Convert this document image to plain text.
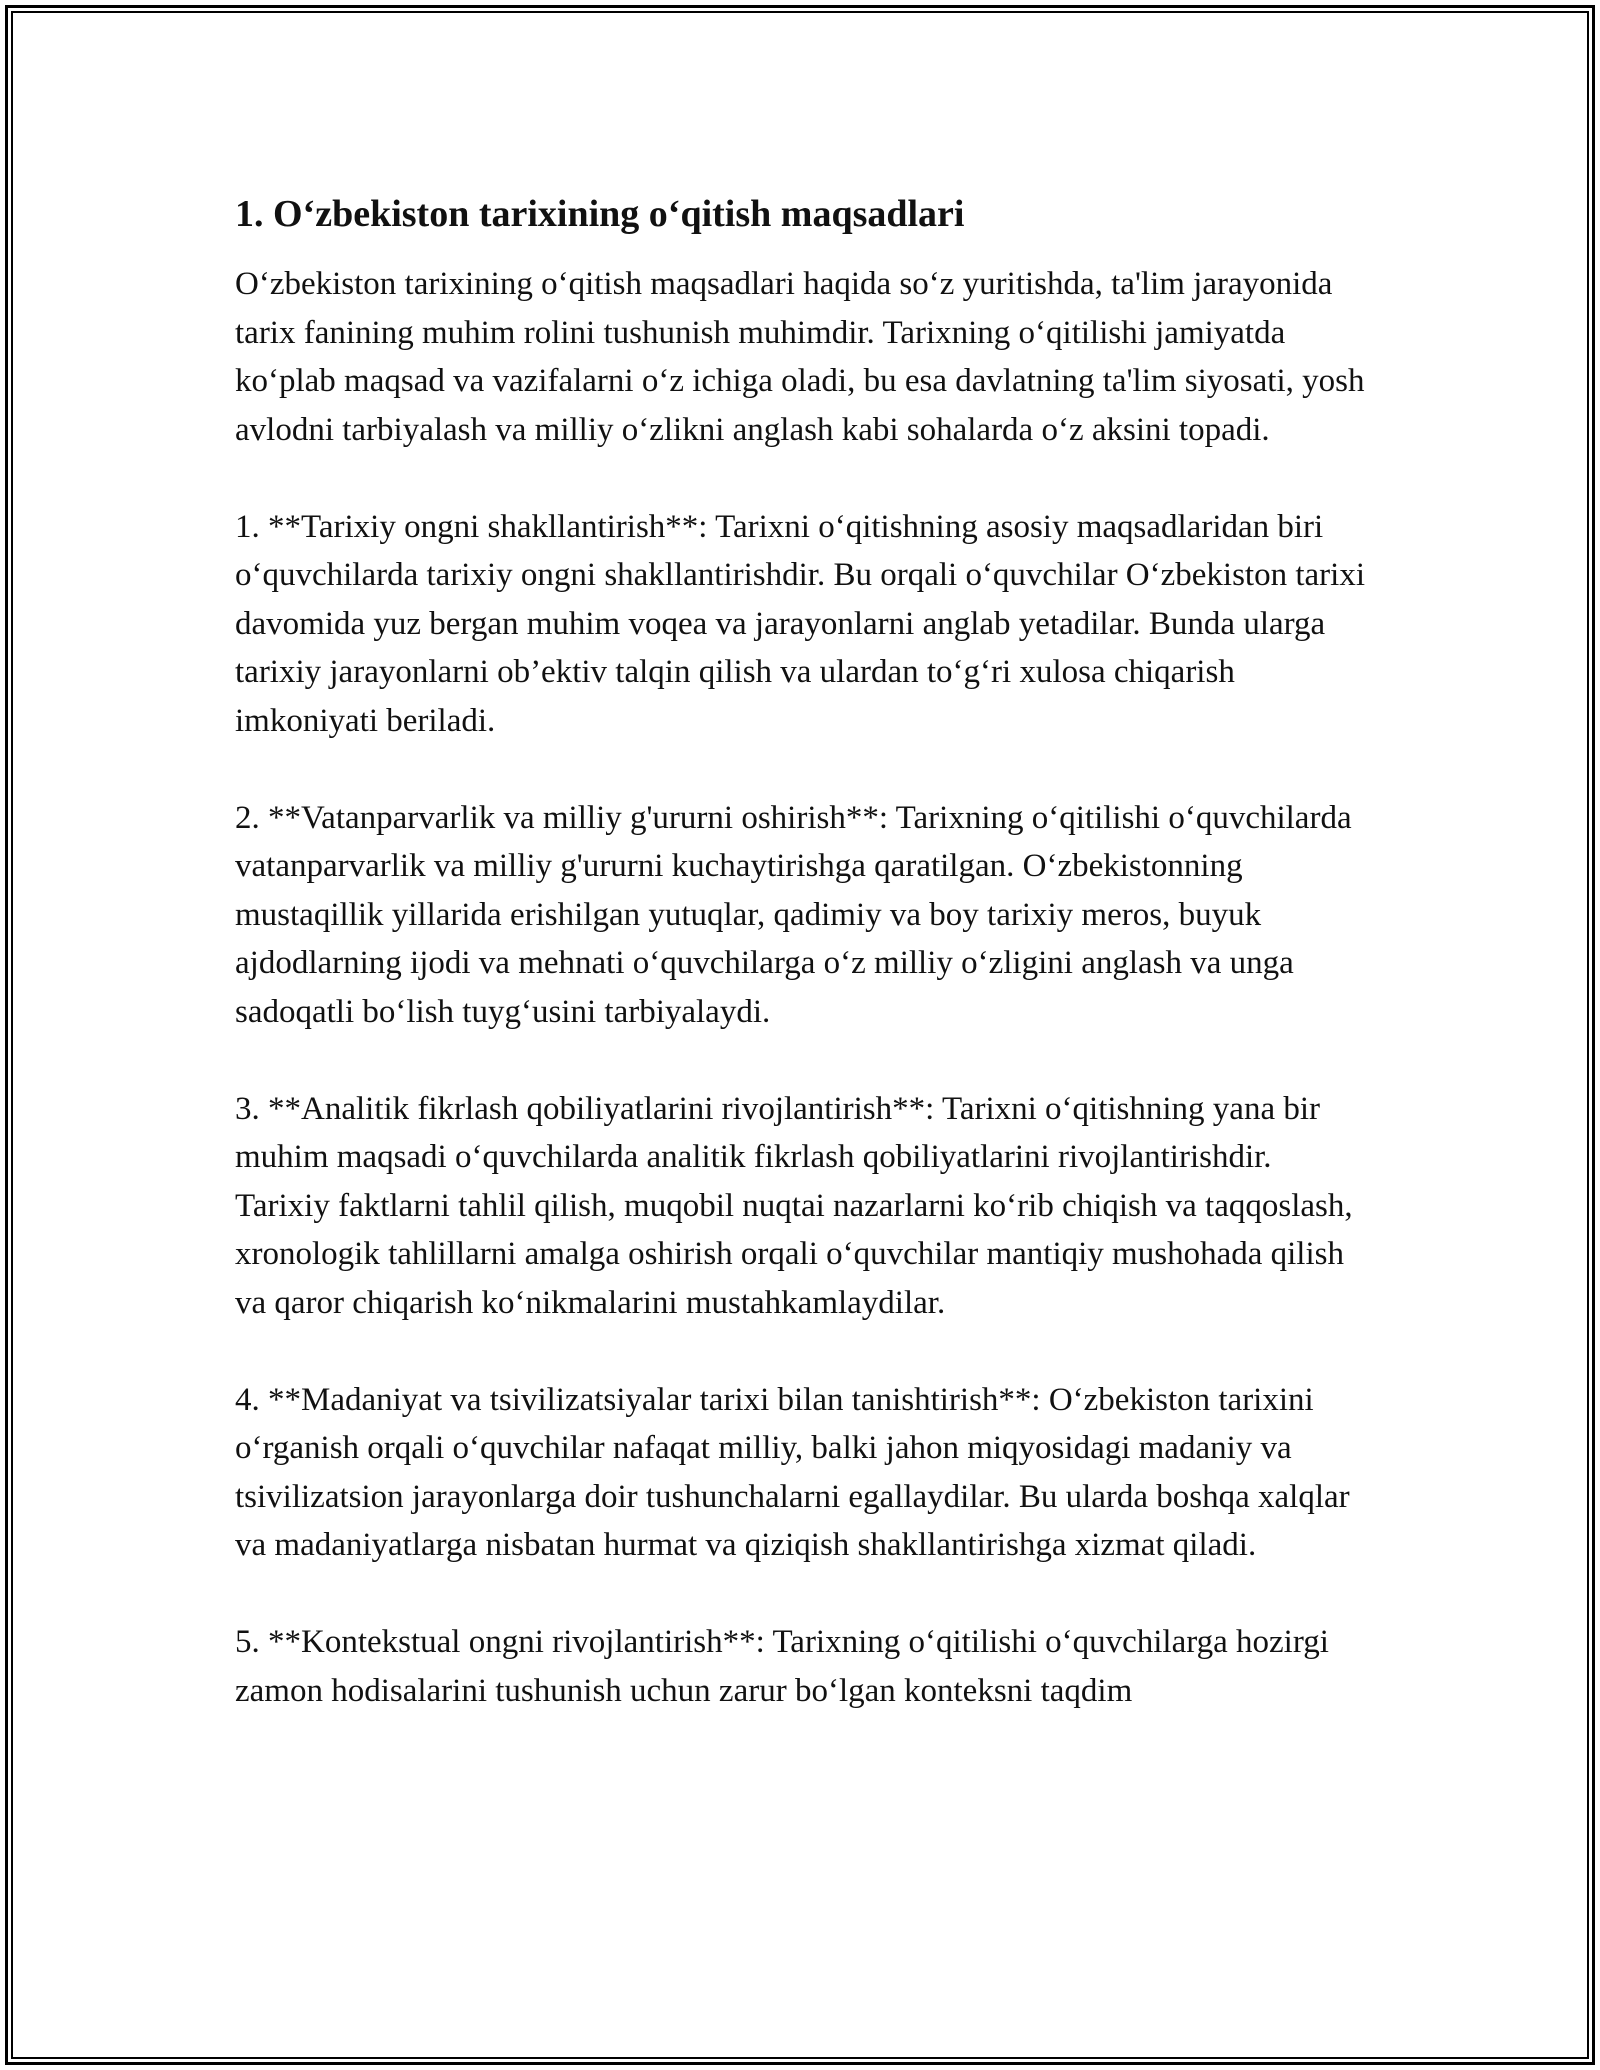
1. O‘zbekiston tarixining o‘qitish maqsadlari

O‘zbekiston tarixining o‘qitish maqsadlari haqida so‘z yuritishda, ta'lim jarayonida tarix fanining muhim rolini tushunish muhimdir. Tarixning o‘qitilishi jamiyatda ko‘plab maqsad va vazifalarni o‘z ichiga oladi, bu esa davlatning ta'lim siyosati, yosh avlodni tarbiyalash va milliy o‘zlikni anglash kabi sohalarda o‘z aksini topadi.

1. **Tarixiy ongni shakllantirish**: Tarixni o‘qitishning asosiy maqsadlaridan biri o‘quvchilarda tarixiy ongni shakllantirishdir. Bu orqali o‘quvchilar O‘zbekiston tarixi davomida yuz bergan muhim voqea va jarayonlarni anglab yetadilar. Bunda ularga tarixiy jarayonlarni ob’ektiv talqin qilish va ulardan to‘g‘ri xulosa chiqarish imkoniyati beriladi.

2. **Vatanparvarlik va milliy g'ururni oshirish**: Tarixning o‘qitilishi o‘quvchilarda vatanparvarlik va milliy g'ururni kuchaytirishga qaratilgan. O‘zbekistonning mustaqillik yillarida erishilgan yutuqlar, qadimiy va boy tarixiy meros, buyuk ajdodlarning ijodi va mehnati o‘quvchilarga o‘z milliy o‘zligini anglash va unga sadoqatli bo‘lish tuyg‘usini tarbiyalaydi.

3. **Analitik fikrlash qobiliyatlarini rivojlantirish**: Tarixni o‘qitishning yana bir muhim maqsadi o‘quvchilarda analitik fikrlash qobiliyatlarini rivojlantirishdir. Tarixiy faktlarni tahlil qilish, muqobil nuqtai nazarlarni ko‘rib chiqish va taqqoslash, xronologik tahlillarni amalga oshirish orqali o‘quvchilar mantiqiy mushohada qilish va qaror chiqarish ko‘nikmalarini mustahkamlaydilar.

4. **Madaniyat va tsivilizatsiyalar tarixi bilan tanishtirish**: O‘zbekiston tarixini o‘rganish orqali o‘quvchilar nafaqat milliy, balki jahon miqyosidagi madaniy va tsivilizatsion jarayonlarga doir tushunchalarni egallaydilar. Bu ularda boshqa xalqlar va madaniyatlarga nisbatan hurmat va qiziqish shakllantirishga xizmat qiladi.

5. **Kontekstual ongni rivojlantirish**: Tarixning o‘qitilishi o‘quvchilarga hozirgi zamon hodisalarini tushunish uchun zarur bo‘lgan konteksni taqdim
